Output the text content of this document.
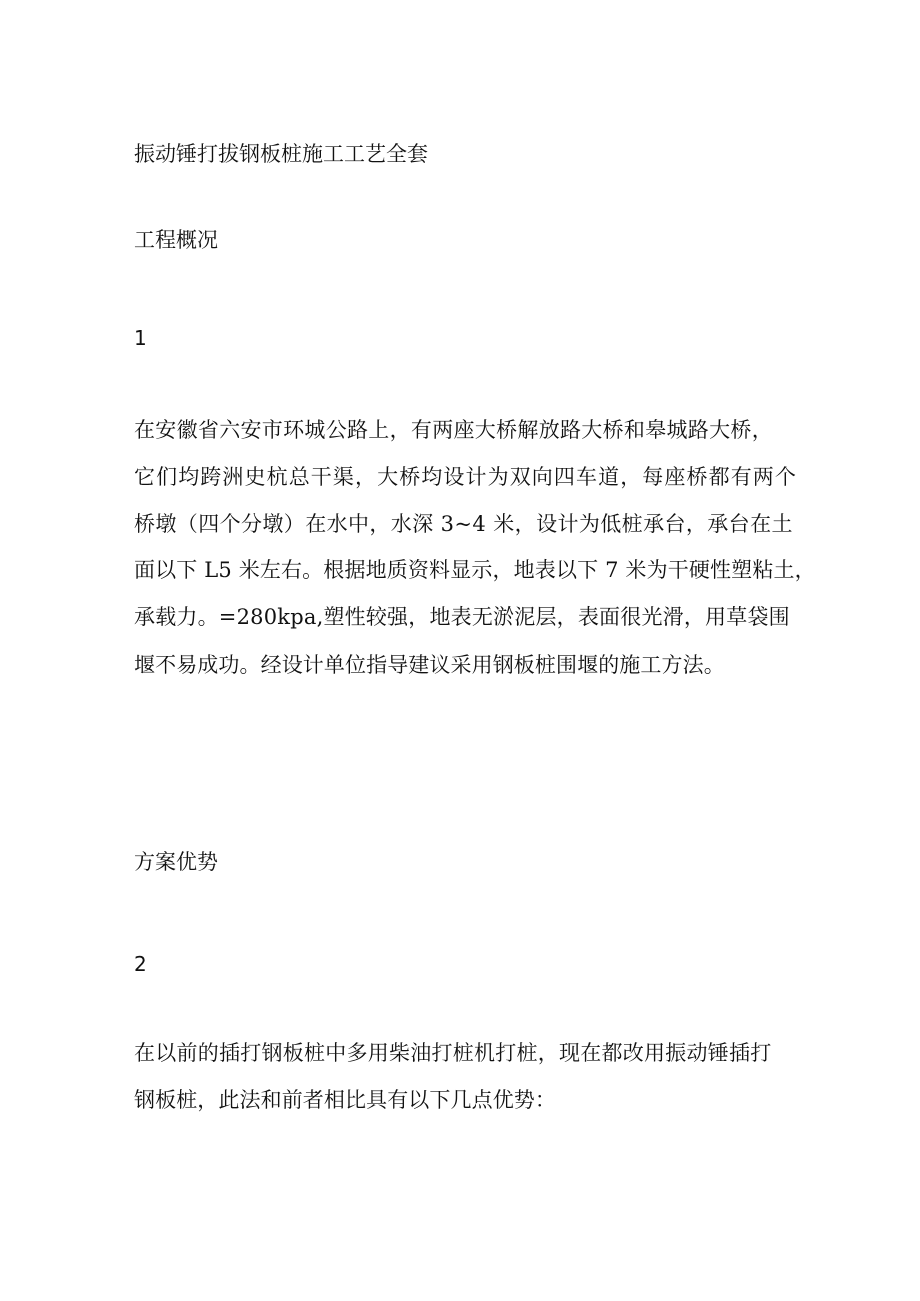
振动锤打拔钢板桩施工工艺全套
工程概况
1
在安徽省六安市环城公路上，有两座大桥解放路大桥和皋城路大桥，
它们均跨洲史杭总干渠，大桥均设计为双向四车道，每座桥都有两个
桥墩（四个分墩）在水中，水深 3~4 米，设计为低桩承台，承台在土
面以下 L5 米左右。根据地质资料显示，地表以下 7 米为干硬性塑粘土，
承载力。=280kpa,塑性较强，地表无淤泥层，表面很光滑，用草袋围
堰不易成功。经设计单位指导建议采用钢板桩围堰的施工方法。
方案优势
2
在以前的插打钢板桩中多用柴油打桩机打桩，现在都改用振动锤插打
钢板桩，此法和前者相比具有以下几点优势：
